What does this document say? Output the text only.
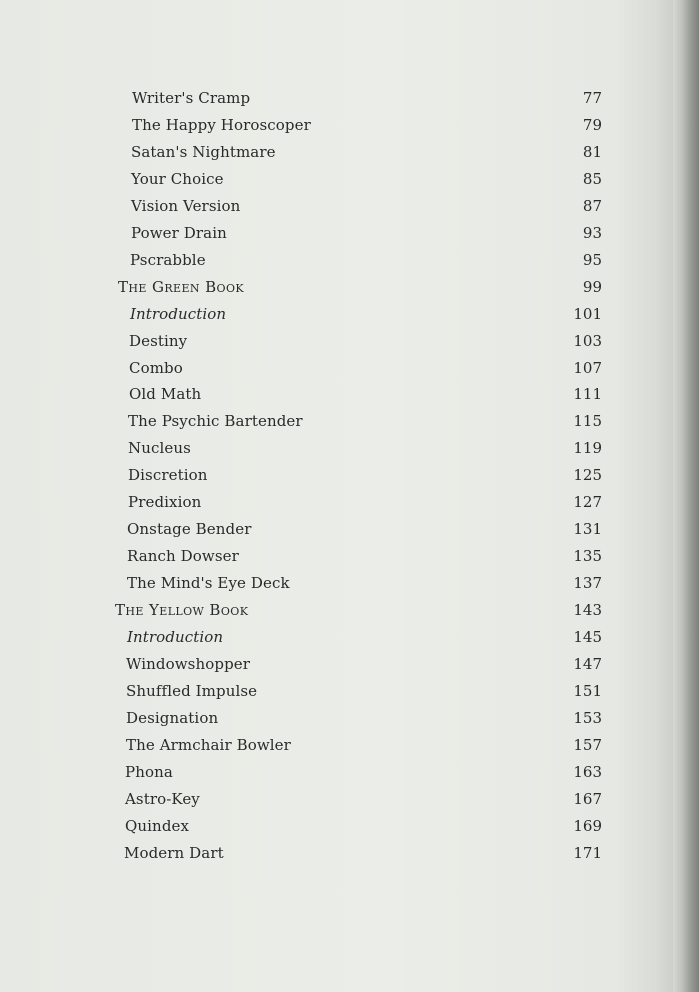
Writer's Cramp	77
The Happy Horoscoper	79
Satan's Nightmare	81
Your Choice	85
Vision Version	87
Power Drain	93
Pscrabble	95
The Green Book	99
Introduction	101
Destiny	103
Combo	107
Old Math	111
The Psychic Bartender	115
Nucleus	119
Discretion	125
Predixion	127
Onstage Bender	131
Ranch Dowser	135
The Mind's Eye Deck	137
The Yellow Book	143
Introduction	145
Windowshopper	147
Shuffled Impulse	151
Designation	153
The Armchair Bowler	157
Phona	163
Astro-Key	167
Quindex	169
Modern Dart	171
